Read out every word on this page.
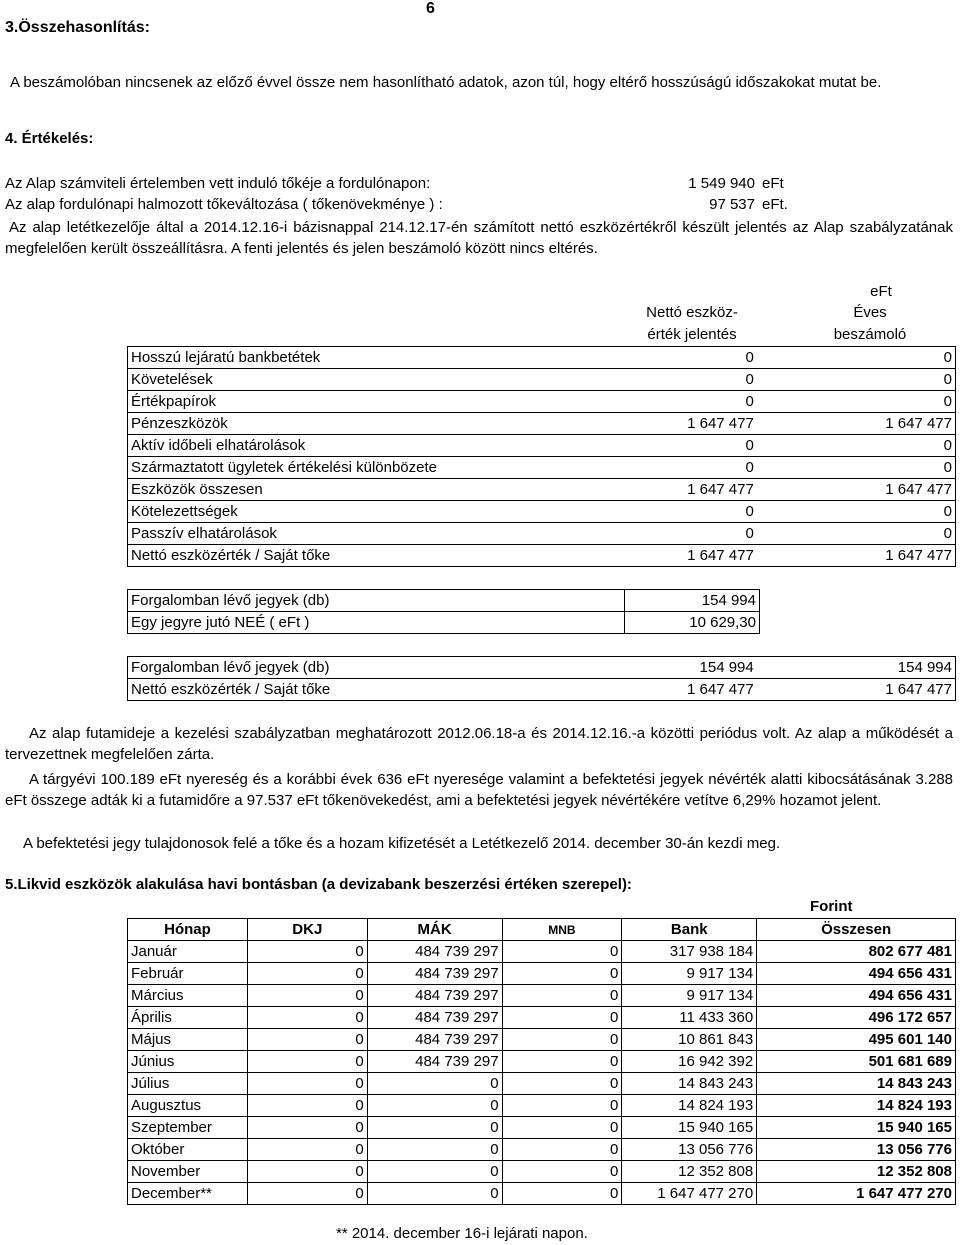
6
3.Összehasonlítás:
A beszámolóban nincsenek az előző évvel össze nem hasonlítható adatok, azon túl, hogy eltérő hosszúságú időszakokat mutat be.
4. Értékelés:
Az Alap számviteli értelemben vett induló tőkéje a fordulónapon:	1 549 940 eFt
Az alap fordulónapi halmozott tőkeváltozása ( tőkenövekménye ) :	97 537 eFt.
Az alap letétkezelője által a 2014.12.16-i bázisnappal 214.12.17-én számított nettó eszközértékről készült jelentés az Alap szabályzatának megfelelően került összeállításra. A fenti jelentés és jelen beszámoló között nincs eltérés.
eFt
Nettó eszköz-
érték jelentés
Éves
beszámoló
Hosszú lejáratú bankbetétek	0	0
Követelések	0	0
Értékpapírok	0	0
Pénzeszközök	1 647 477	1 647 477
Aktív időbeli elhatárolások	0	0
Származtatott ügyletek értékelési különbözete	0	0
Eszközök összesen	1 647 477	1 647 477
Kötelezettségek	0	0
Passzív elhatárolások	0	0
Nettó eszközérték / Saját tőke	1 647 477	1 647 477
Forgalomban lévő jegyek (db)	154 994
Egy jegyre jutó NEÉ ( eFt )	10 629,30
Forgalomban lévő jegyek (db)	154 994	154 994
Nettó eszközérték / Saját tőke	1 647 477	1 647 477
Az alap futamideje a kezelési szabályzatban meghatározott 2012.06.18-a és 2014.12.16.-a közötti periódus volt. Az alap a működését a tervezettnek megfelelően zárta.
A tárgyévi 100.189 eFt nyereség és a korábbi évek 636 eFt nyeresége valamint a befektetési jegyek névérték alatti kibocsátásának 3.288 eFt összege adták ki a futamidőre a 97.537 eFt tőkenövekedést, ami a befektetési jegyek névértékére vetítve 6,29% hozamot jelent.
A befektetési jegy tulajdonosok felé a tőke és a hozam kifizetését a Letétkezelő 2014. december 30-án kezdi meg.
5.Likvid eszközök alakulása havi bontásban (a devizabank beszerzési értéken szerepel):
Forint
Hónap	DKJ	MÁK	MNB	Bank	Összesen
Január	0	484 739 297	0	317 938 184	802 677 481
Február	0	484 739 297	0	9 917 134	494 656 431
Március	0	484 739 297	0	9 917 134	494 656 431
Április	0	484 739 297	0	11 433 360	496 172 657
Május	0	484 739 297	0	10 861 843	495 601 140
Június	0	484 739 297	0	16 942 392	501 681 689
Július	0	0	0	14 843 243	14 843 243
Augusztus	0	0	0	14 824 193	14 824 193
Szeptember	0	0	0	15 940 165	15 940 165
Október	0	0	0	13 056 776	13 056 776
November	0	0	0	12 352 808	12 352 808
December**	0	0	0	1 647 477 270	1 647 477 270
** 2014. december 16-i lejárati napon.
